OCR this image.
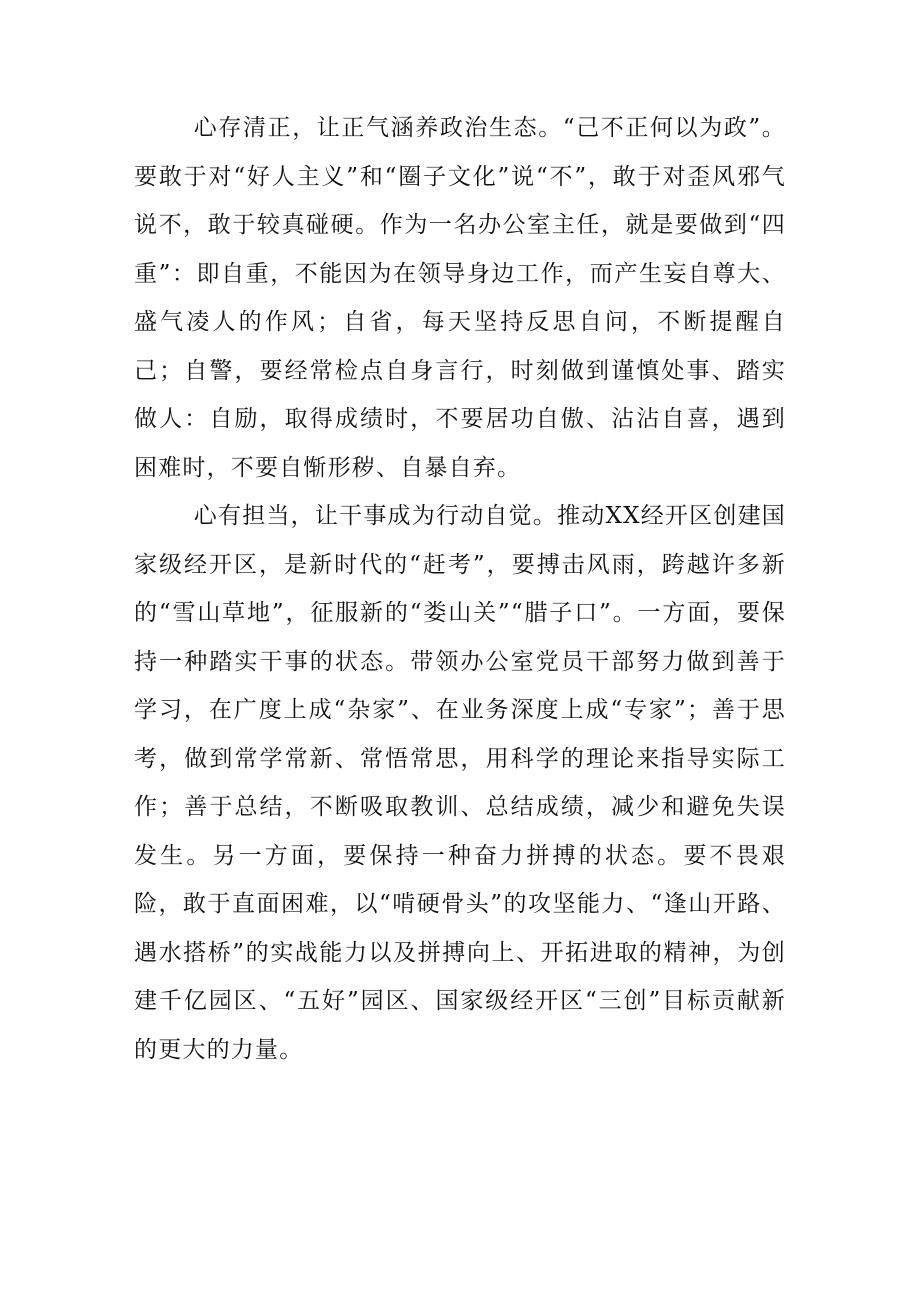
心存清正，让正气涵养政治生态。“己不正何以为政”。要敢于对“好人主义”和“圈子文化”说“不”，敢于对歪风邪气说不，敢于较真碰硬。作为一名办公室主任，就是要做到“四重”：即自重，不能因为在领导身边工作，而产生妄自尊大、盛气凌人的作风；自省，每天坚持反思自问，不断提醒自己；自警，要经常检点自身言行，时刻做到谨慎处事、踏实做人：自励，取得成绩时，不要居功自傲、沾沾自喜，遇到困难时，不要自惭形秽、自暴自弃。

心有担当，让干事成为行动自觉。推动XX经开区创建国家级经开区，是新时代的“赶考”，要搏击风雨，跨越许多新的“雪山草地”，征服新的“娄山关”“腊子口”。一方面，要保持一种踏实干事的状态。带领办公室党员干部努力做到善于学习，在广度上成“杂家”、在业务深度上成“专家”；善于思考，做到常学常新、常悟常思，用科学的理论来指导实际工作；善于总结，不断吸取教训、总结成绩，减少和避免失误发生。另一方面，要保持一种奋力拼搏的状态。要不畏艰险，敢于直面困难，以“啃硬骨头”的攻坚能力、“逢山开路、遇水搭桥”的实战能力以及拼搏向上、开拓进取的精神，为创建千亿园区、“五好”园区、国家级经开区“三创”目标贡献新的更大的力量。
